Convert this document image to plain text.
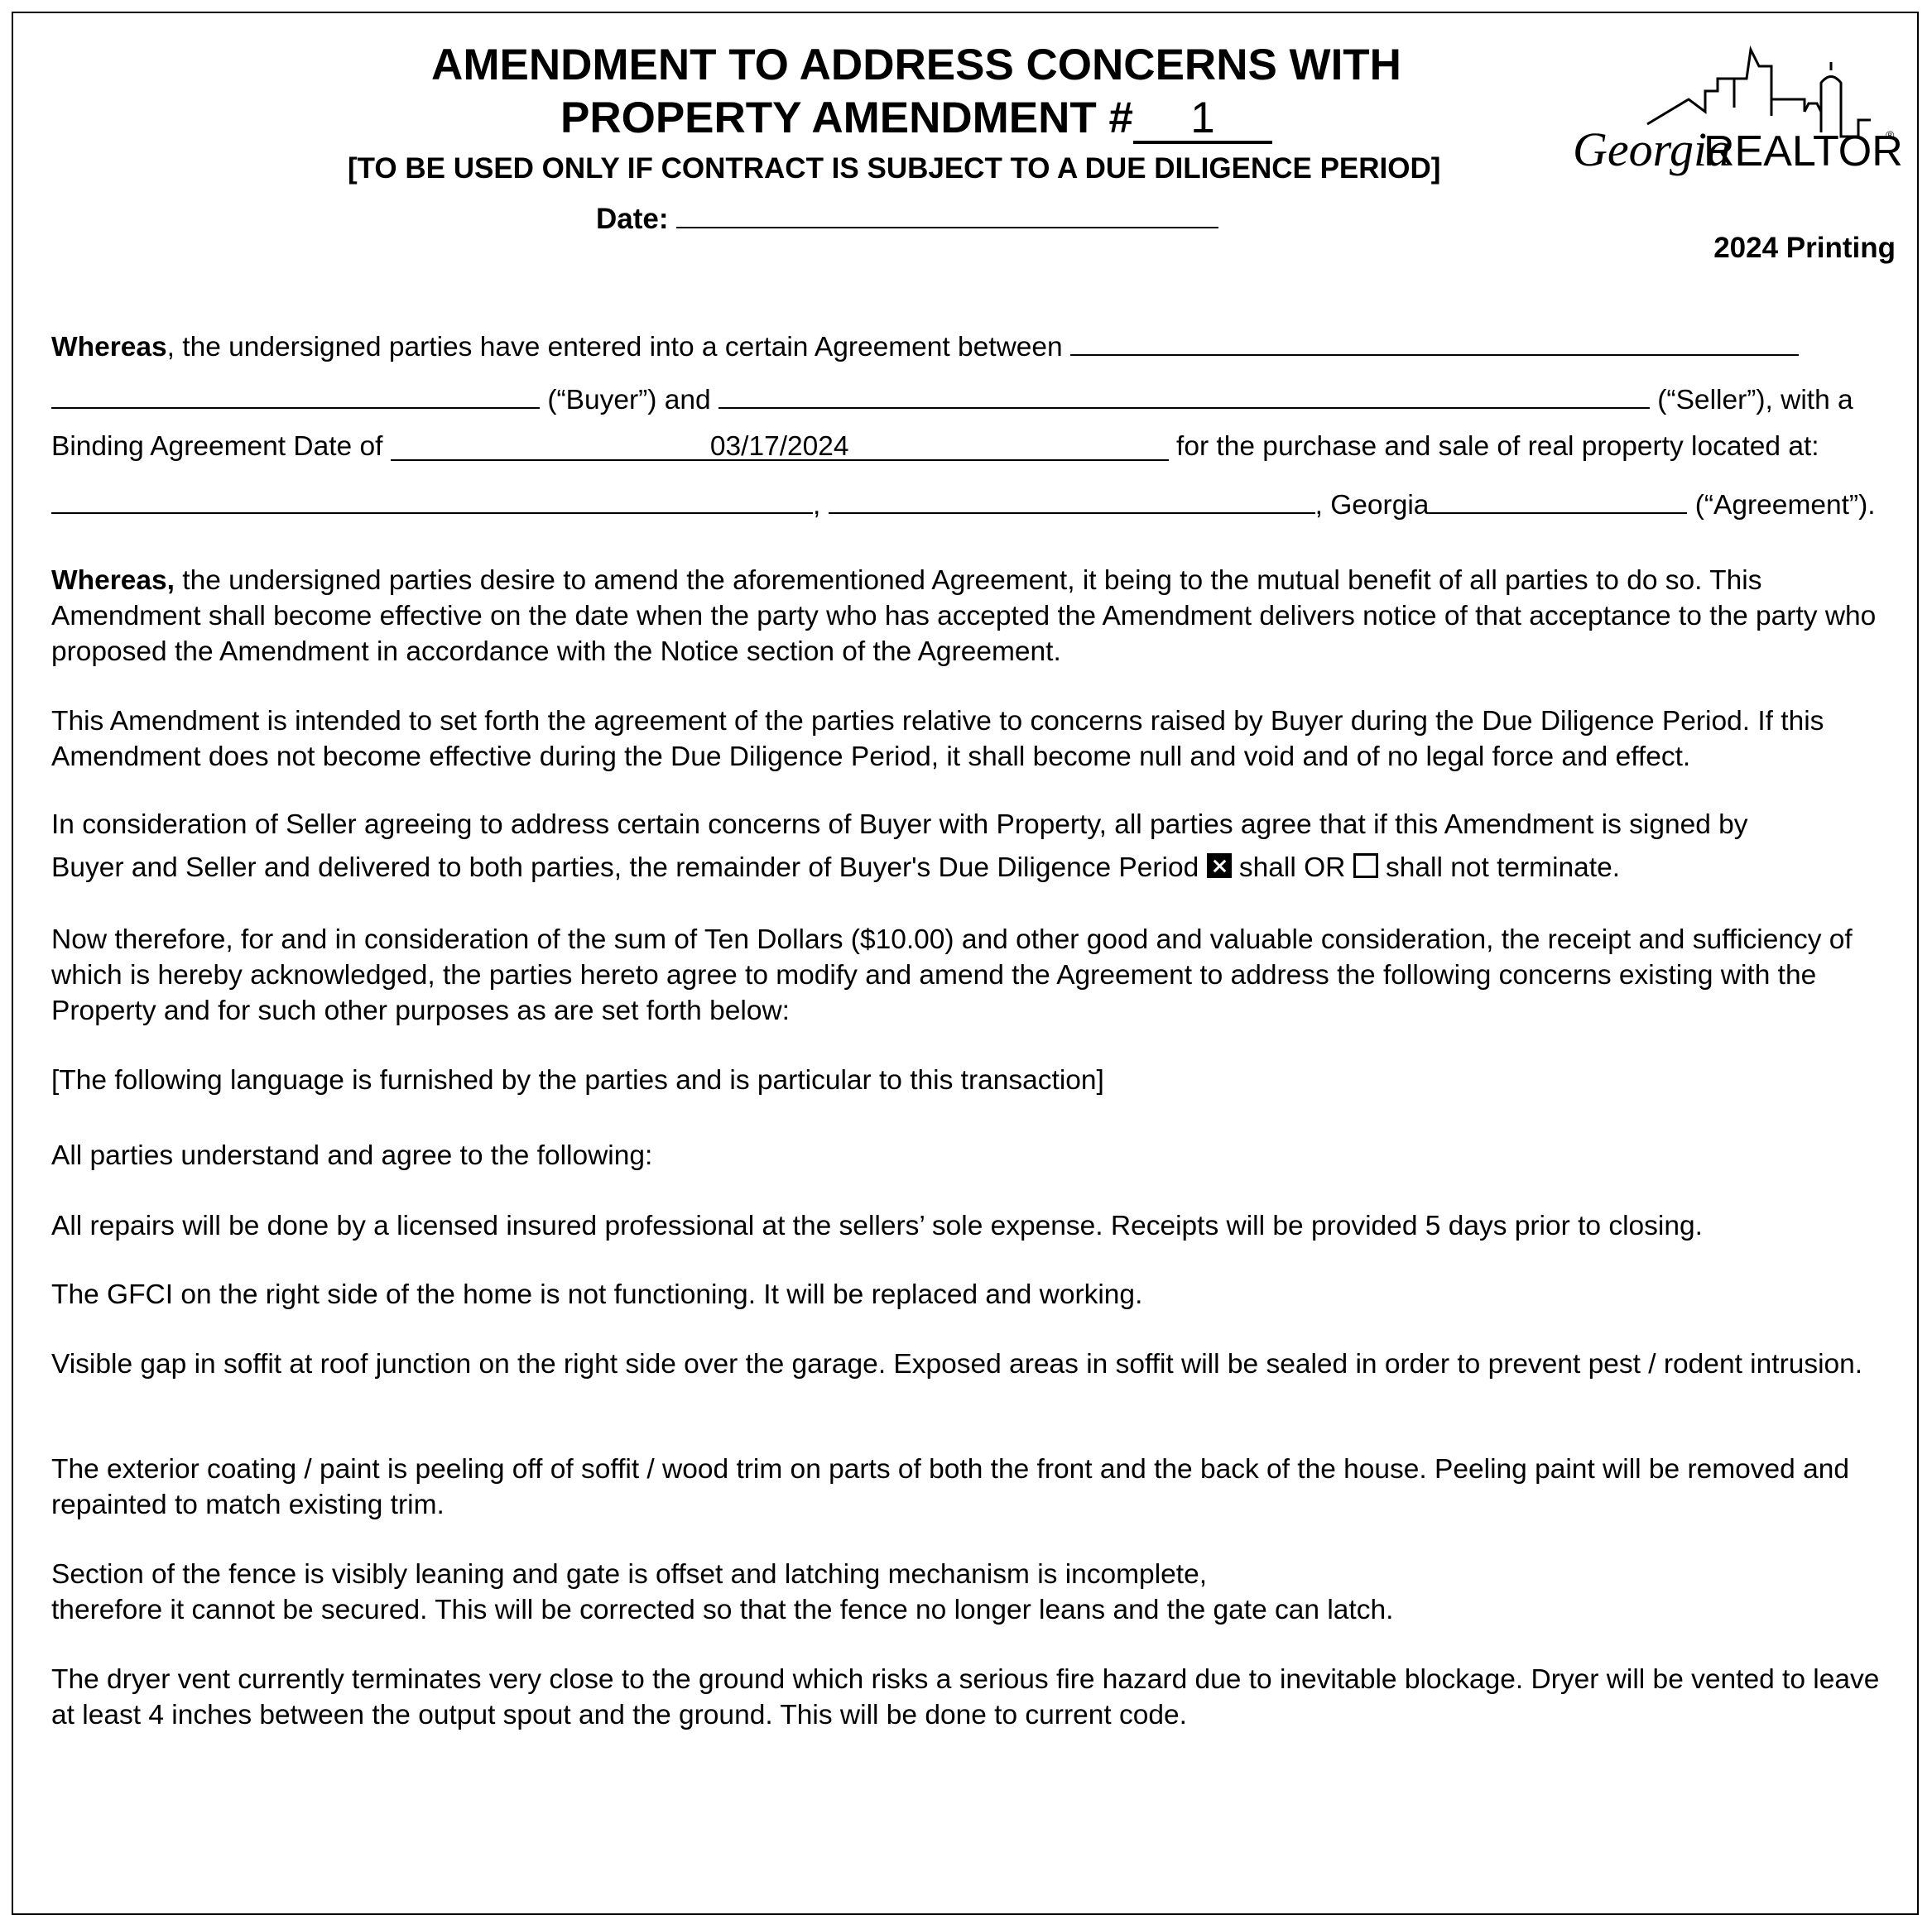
AMENDMENT TO ADDRESS CONCERNS WITH
PROPERTY AMENDMENT # 1
[TO BE USED ONLY IF CONTRACT IS SUBJECT TO A DUE DILIGENCE PERIOD]
Date:
Georgia
REALTOR
®
2024 Printing
Whereas, the undersigned parties have entered into a certain Agreement between
(“Buyer”) and	(“Seller”), with a
Binding Agreement Date of	03/17/2024	for the purchase and sale of real property located at:
,	, Georgia	(“Agreement”).
Whereas, the undersigned parties desire to amend the aforementioned Agreement, it being to the mutual benefit of all parties to do so. This Amendment shall become effective on the date when the party who has accepted the Amendment delivers notice of that acceptance to the party who proposed the Amendment in accordance with the Notice section of the Agreement.
This Amendment is intended to set forth the agreement of the parties relative to concerns raised by Buyer during the Due Diligence Period. If this Amendment does not become effective during the Due Diligence Period, it shall become null and void and of no legal force and effect.
In consideration of Seller agreeing to address certain concerns of Buyer with Property, all parties agree that if this Amendment is signed by
Buyer and Seller and delivered to both parties, the remainder of Buyer's Due Diligence Period shall OR shall not terminate.
Now therefore, for and in consideration of the sum of Ten Dollars ($10.00) and other good and valuable consideration, the receipt and sufficiency of which is hereby acknowledged, the parties hereto agree to modify and amend the Agreement to address the following concerns existing with the Property and for such other purposes as are set forth below:
[The following language is furnished by the parties and is particular to this transaction]
All parties understand and agree to the following:
All repairs will be done by a licensed insured professional at the sellers’ sole expense. Receipts will be provided 5 days prior to closing.
The GFCI on the right side of the home is not functioning. It will be replaced and working.
Visible gap in soffit at roof junction on the right side over the garage. Exposed areas in soffit will be sealed in order to prevent pest / rodent intrusion.
The exterior coating / paint is peeling off of soffit / wood trim on parts of both the front and the back of the house. Peeling paint will be removed and repainted to match existing trim.
Section of the fence is visibly leaning and gate is offset and latching mechanism is incomplete,
therefore it cannot be secured. This will be corrected so that the fence no longer leans and the gate can latch.
The dryer vent currently terminates very close to the ground which risks a serious fire hazard due to inevitable blockage. Dryer will be vented to leave at least 4 inches between the output spout and the ground. This will be done to current code.
